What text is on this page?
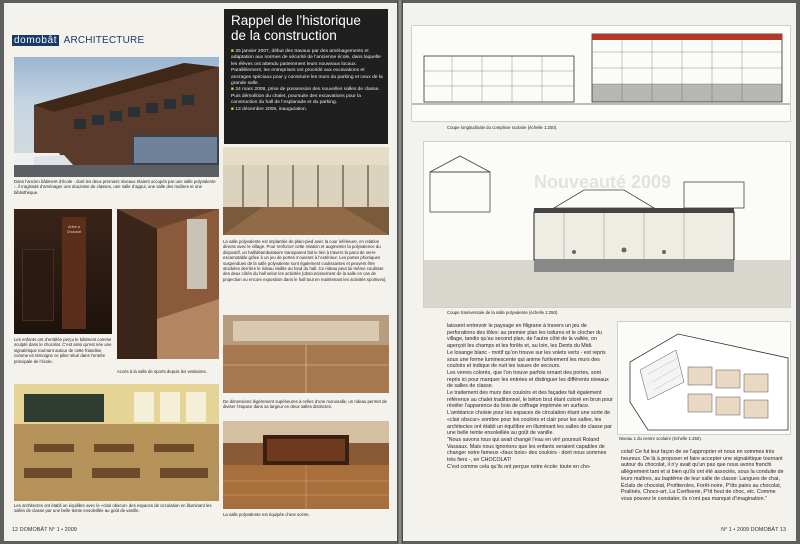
domobât ARCHITECTURE
Rappel de l’historique
de la construction

■ 25 janvier 2007, début des travaux par des aménagements et adaptation aux normes de sécurité de l’ancienne école, dans laquelle les élèves ont attendu patiemment leurs nouveaux locaux. Parallèlement, les entreprises ont procédé aux excavations et ancrages spéciaux pour y construire les murs du parking et ceux de la grande salle.

■ 24 mars 2008, prise de possession des nouvelles salles de classe. Puis démolition du chalet, poursuite des excavations pour la construction du hall de l’esplanade et du parking.

■ 13 décembre 2008, inauguration.

Dans l’ancien bâtiment d’école - dont les deux premiers niveaux étaient occupés par une salle polyvalente -, il s’agissait d’aménager une douzaine de classes, une salle d’appui, une salle des maîtres et une bibliothèque.
Arbre à Chocolat
Les enfants ont d’emblée perçu le bâtiment comme sculpté dans le chocolat. C’est ainsi qu’est née une signalétique tournant autour de cette friandise, comme en témoigne ce pilier situé dans l’entrée principale de l’école.
Accès à la salle de sports depuis les vestiaires.
La salle polyvalente est implantée de plain-pied avec la cour inférieure, en relation directe avec le village. Pour renforcer cette relation et augmenter la polyvalence du dispositif, un hall/déambulatoire transparent fait le lien à travers la paroi de verre escamotable grâce à un jeu de portes s’ouvrant à l’extérieur. Les portes phoniques suspendues de la salle polyvalente sont également coulissantes et peuvent être stockées derrière le rideau visible au fond du hall. Ce rideau peut lui-même coulisser des deux côtés du hall selon les activités (obscurcissement de la salle en cas de projection ou encore exposition dans le hall tout en maintenant les activités sportives).
De dimensions légèrement supérieures à celles d’une monosalle, un rideau permet de diviser l’espace dans sa largeur en deux salles distinctes.
Les architectes ont établi un équilibre avec le «clair obscur» des espaces de circulation en illuminant les salles de classe par une belle teinte ensoleillée au goût de vanille.
La salle polyvalente est équipée d’une scène.
12 DOMOBÂT N° 1 • 2009
Coupe longitudinale du complexe scolaire (échelle 1:250).
Nouveauté 2009
Coupe transversale de la salle polyvalente (échelle 1:250).

laissent entrevoir le paysage en filigrane à travers un jeu de perforations des tôles: au premier plan les toitures et le clocher du village, tandis qu’au second plan, de l’autre côté de la vallée, on aperçoit les champs et les forêts et, au loin, les Dents du Midi.

Le losange blanc - motif qu’on trouve sur les volets verts - est repris sous une forme luminescente qui anime furtivement les murs des couloirs et indique de nuit les issues de secours.

Les verres colorés, que l’on trouve parfois ornant des portes, sont repris ici pour marquer les entrées et distinguer les différents niveaux de salles de classe.

Le traitement des murs des couloirs et des façades fait également référence au chalet traditionnel, le béton brut étant coloré en brun pour révéler l’apparence du bois de coffrage imprimée en surface. L’ambiance choisie pour les espaces de circulation étant une sorte de «clair obscur» sombre pour les couloirs et clair pour les salles, les architectes ont établi un équilibre en illuminant les salles de classe par une belle teinte ensoleillée au goût de vanille.

“Nous savons tous qui avait changé l’eau en vin! poursuit Roland Vassaux. Mais nous ignorions que les enfants seraient capables de changer notre fameux «faux bois» des couloirs - dont nous sommes très fiers -, en CHOCOLAT!

C’est comme cela qu’ils ont perçue notre école: toute en cho-

Niveau 1 du centre scolaire (échelle 1:250).

colat! Ce fut leur façon de se l’approprier et nous en sommes très heureux. De là à proposer et faire accepter une signalétique tournant autour du chocolat, il n’y avait qu’un pas que nous avons franchi allègrement tant et si bien qu’ils ont été associés, sous la conduite de leurs maîtres, au baptême de leur salle de classe: Langues de chat, Éclats de chocolat, Profiteroles, Forêt-noire, P’tits pains au chocolat, Pralinés, Choco-art, La Confiserie, P’tit hout de choc, etc. Comme vous pouvez le constater, ils n’ont pas manqué d’imagination.”

N° 1 • 2009 DOMOBÂT 13
